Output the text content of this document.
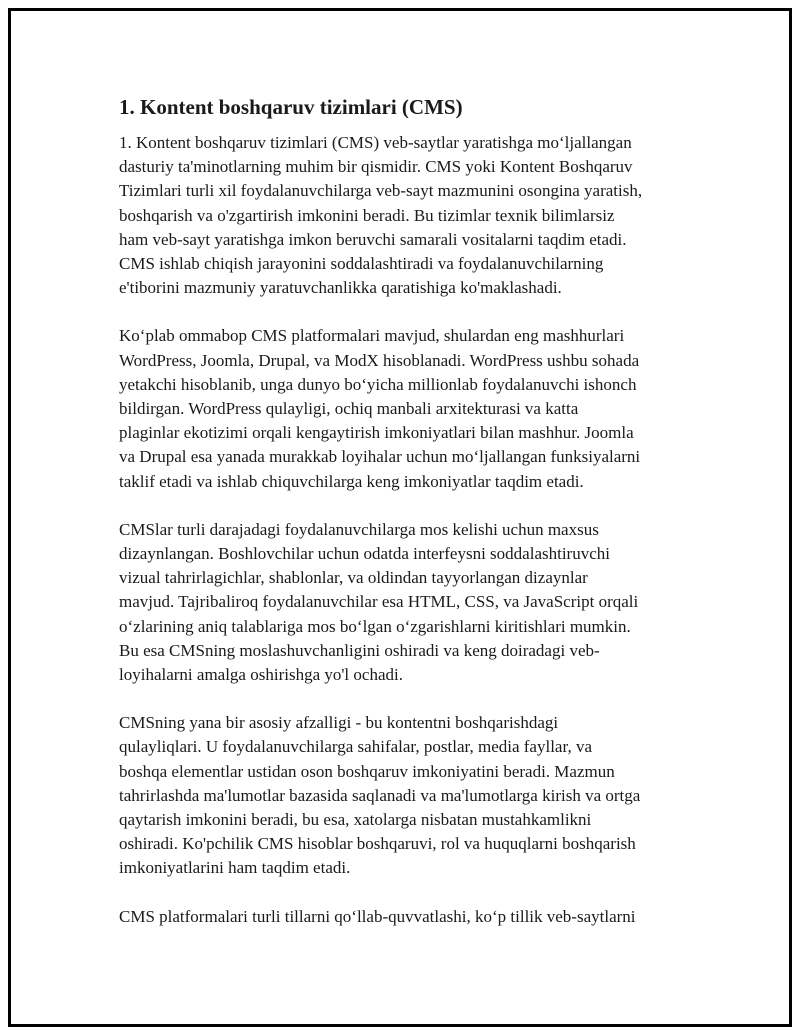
1. Kontent boshqaruv tizimlari (CMS)
1. Kontent boshqaruv tizimlari (CMS) veb-saytlar yaratishga mo‘ljallangan
dasturiy ta'minotlarning muhim bir qismidir. CMS yoki Kontent Boshqaruv
Tizimlari turli xil foydalanuvchilarga veb-sayt mazmunini osongina yaratish,
boshqarish va o'zgartirish imkonini beradi. Bu tizimlar texnik bilimlarsiz
ham veb-sayt yaratishga imkon beruvchi samarali vositalarni taqdim etadi.
CMS ishlab chiqish jarayonini soddalashtiradi va foydalanuvchilarning
e'tiborini mazmuniy yaratuvchanlikka qaratishiga ko'maklashadi.
Ko‘plab ommabop CMS platformalari mavjud, shulardan eng mashhurlari
WordPress, Joomla, Drupal, va ModX hisoblanadi. WordPress ushbu sohada
yetakchi hisoblanib, unga dunyo bo‘yicha millionlab foydalanuvchi ishonch
bildirgan. WordPress qulayligi, ochiq manbali arxitekturasi va katta
plaginlar ekotizimi orqali kengaytirish imkoniyatlari bilan mashhur. Joomla
va Drupal esa yanada murakkab loyihalar uchun mo‘ljallangan funksiyalarni
taklif etadi va ishlab chiquvchilarga keng imkoniyatlar taqdim etadi.
CMSlar turli darajadagi foydalanuvchilarga mos kelishi uchun maxsus
dizaynlangan. Boshlovchilar uchun odatda interfeysni soddalashtiruvchi
vizual tahrirlagichlar, shablonlar, va oldindan tayyorlangan dizaynlar
mavjud. Tajribaliroq foydalanuvchilar esa HTML, CSS, va JavaScript orqali
o‘zlarining aniq talablariga mos bo‘lgan o‘zgarishlarni kiritishlari mumkin.
Bu esa CMSning moslashuvchanligini oshiradi va keng doiradagi veb-
loyihalarni amalga oshirishga yo'l ochadi.
CMSning yana bir asosiy afzalligi - bu kontentni boshqarishdagi
qulayliqlari. U foydalanuvchilarga sahifalar, postlar, media fayllar, va
boshqa elementlar ustidan oson boshqaruv imkoniyatini beradi. Mazmun
tahrirlashda ma'lumotlar bazasida saqlanadi va ma'lumotlarga kirish va ortga
qaytarish imkonini beradi, bu esa, xatolarga nisbatan mustahkamlikni
oshiradi. Ko'pchilik CMS hisoblar boshqaruvi, rol va huquqlarni boshqarish
imkoniyatlarini ham taqdim etadi.
CMS platformalari turli tillarni qo‘llab-quvvatlashi, ko‘p tillik veb-saytlarni
